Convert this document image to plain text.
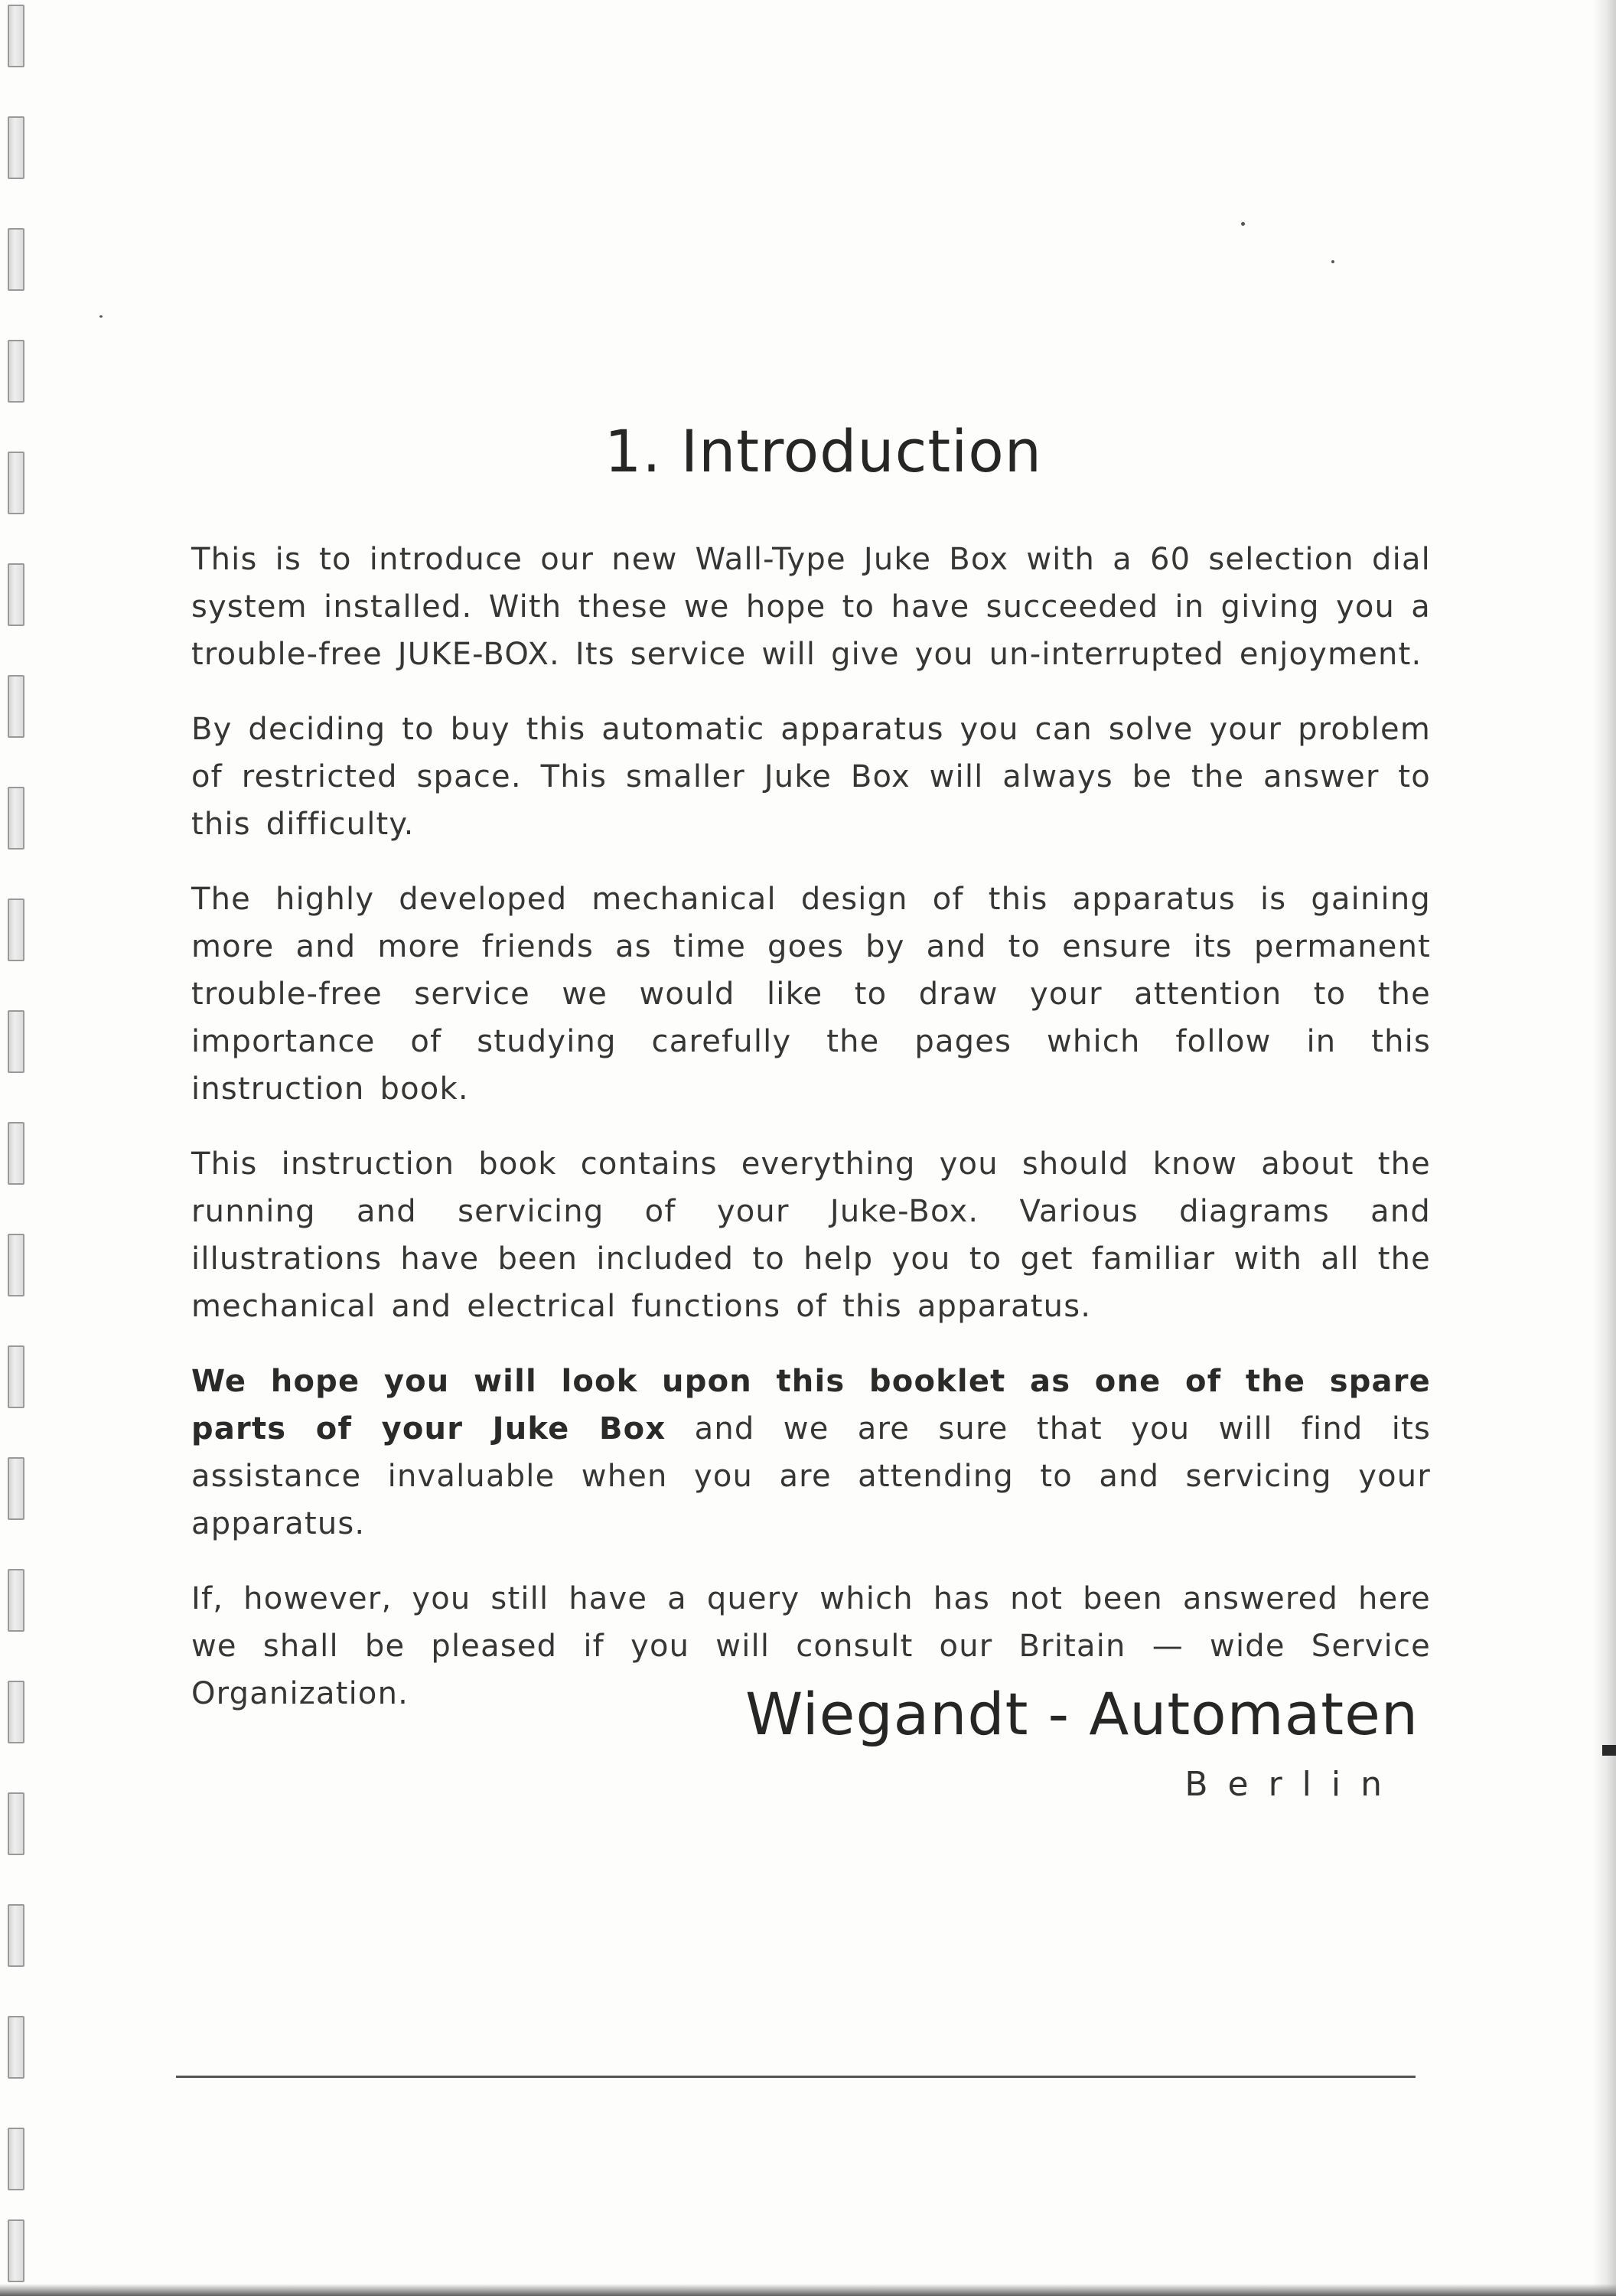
1. Introduction

This is to introduce our new Wall-Type Juke Box with a 60 selection dial system installed. With these we hope to have succeeded in giving you a trouble-free JUKE-BOX. Its service will give you un-interrupted enjoyment.

By deciding to buy this automatic apparatus you can solve your problem of restricted space. This smaller Juke Box will always be the answer to this difficulty.

The highly developed mechanical design of this apparatus is gaining more and more friends as time goes by and to ensure its permanent trouble-free service we would like to draw your attention to the importance of studying carefully the pages which follow in this instruction book.

This instruction book contains everything you should know about the running and servicing of your Juke-Box. Various diagrams and illustrations have been included to help you to get familiar with all the mechanical and electrical functions of this apparatus.

We hope you will look upon this booklet as one of the spare parts of your Juke Box and we are sure that you will find its assistance invaluable when you are attending to and servicing your apparatus.

If, however, you still have a query which has not been answered here we shall be pleased if you will consult our Britain — wide Service Organization.	Wiegandt - Automaten
Berlin
